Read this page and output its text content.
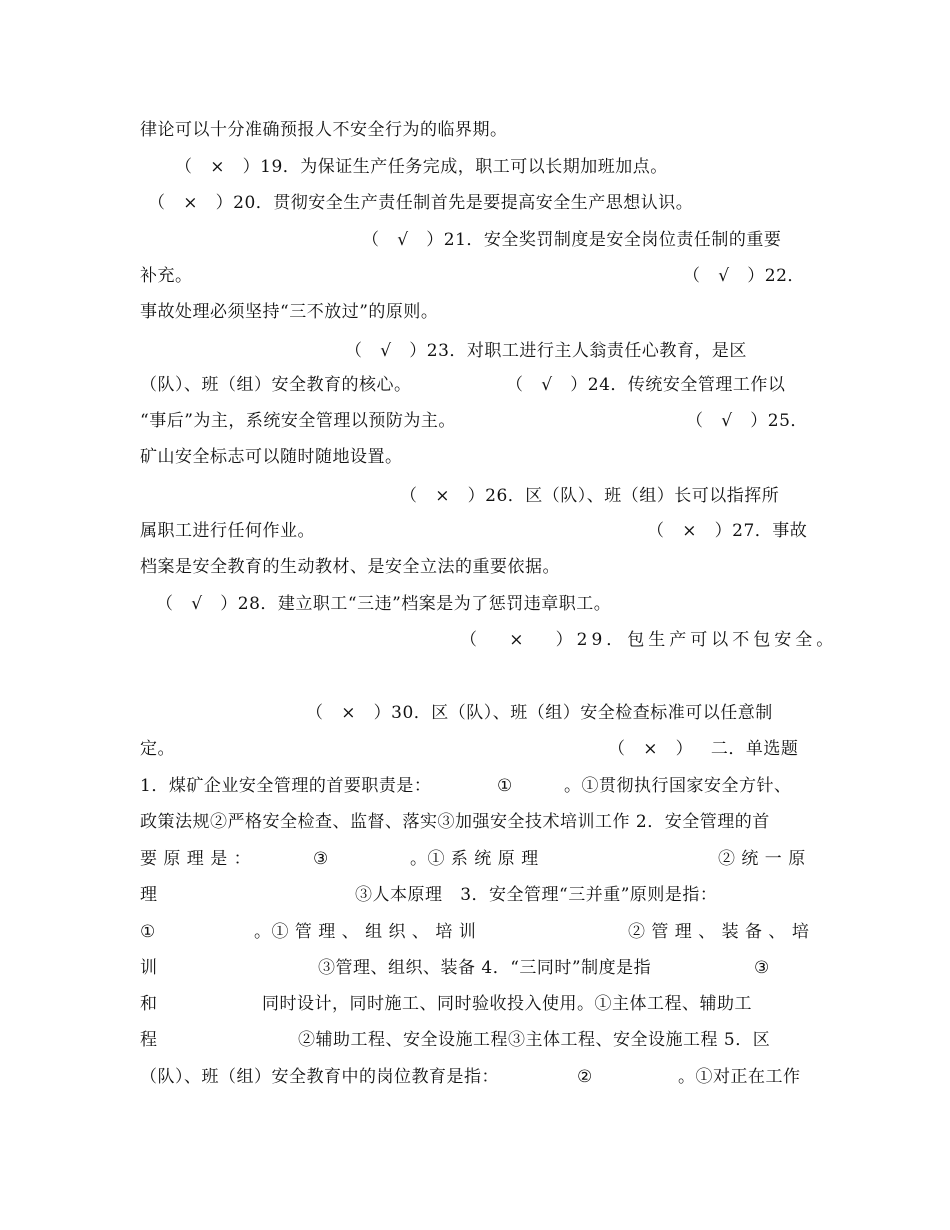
律论可以十分准确预报人不安全行为的临界期。
（   ×   ）19．为保证生产任务完成，职工可以长期加班加点。
（   ×   ）20．贯彻安全生产责任制首先是要提高安全生产思想认识。
（   √   ）21．安全奖罚制度是安全岗位责任制的重要
补充。	（   √   ）22．
事故处理必须坚持“三不放过”的原则。
（   √   ）23．对职工进行主人翁责任心教育，是区
（队）、班（组）安全教育的核心。	（   √   ）24．传统安全管理工作以
“事后”为主，系统安全管理以预防为主。	（   √   ）25．
矿山安全标志可以随时随地设置。
（   ×   ）26．区（队）、班（组）长可以指挥所
属职工进行任何作业。	（   ×   ）27．事故
档案是安全教育的生动教材、是安全立法的重要依据。
（   √   ）28．建立职工“三违”档案是为了惩罚违章职工。
（   ×   ）29．包生产可以不包安全。
（   ×   ）30．区（队）、班（组）安全检查标准可以任意制
定。	（   ×   ）   二．单选题
1．煤矿企业安全管理的首要职责是：	①	。①贯彻执行国家安全方针、
政策法规②严格安全检查、监督、落实③加强安全技术培训工作 2．安全管理的首
要 原 理 是 ：	③	。① 系 统 原 理	② 统 一 原
理	③人本原理   3．安全管理“三并重”原则是指：
①	。① 管 理 、 组 织 、 培 训	② 管 理 、 装 备 、 培
训	③管理、组织、装备 4．“三同时”制度是指	③
和	同时设计，同时施工、同时验收投入使用。①主体工程、辅助工
程	②辅助工程、安全设施工程③主体工程、安全设施工程 5．区
（队）、班（组）安全教育中的岗位教育是指：	②	。①对正在工作
